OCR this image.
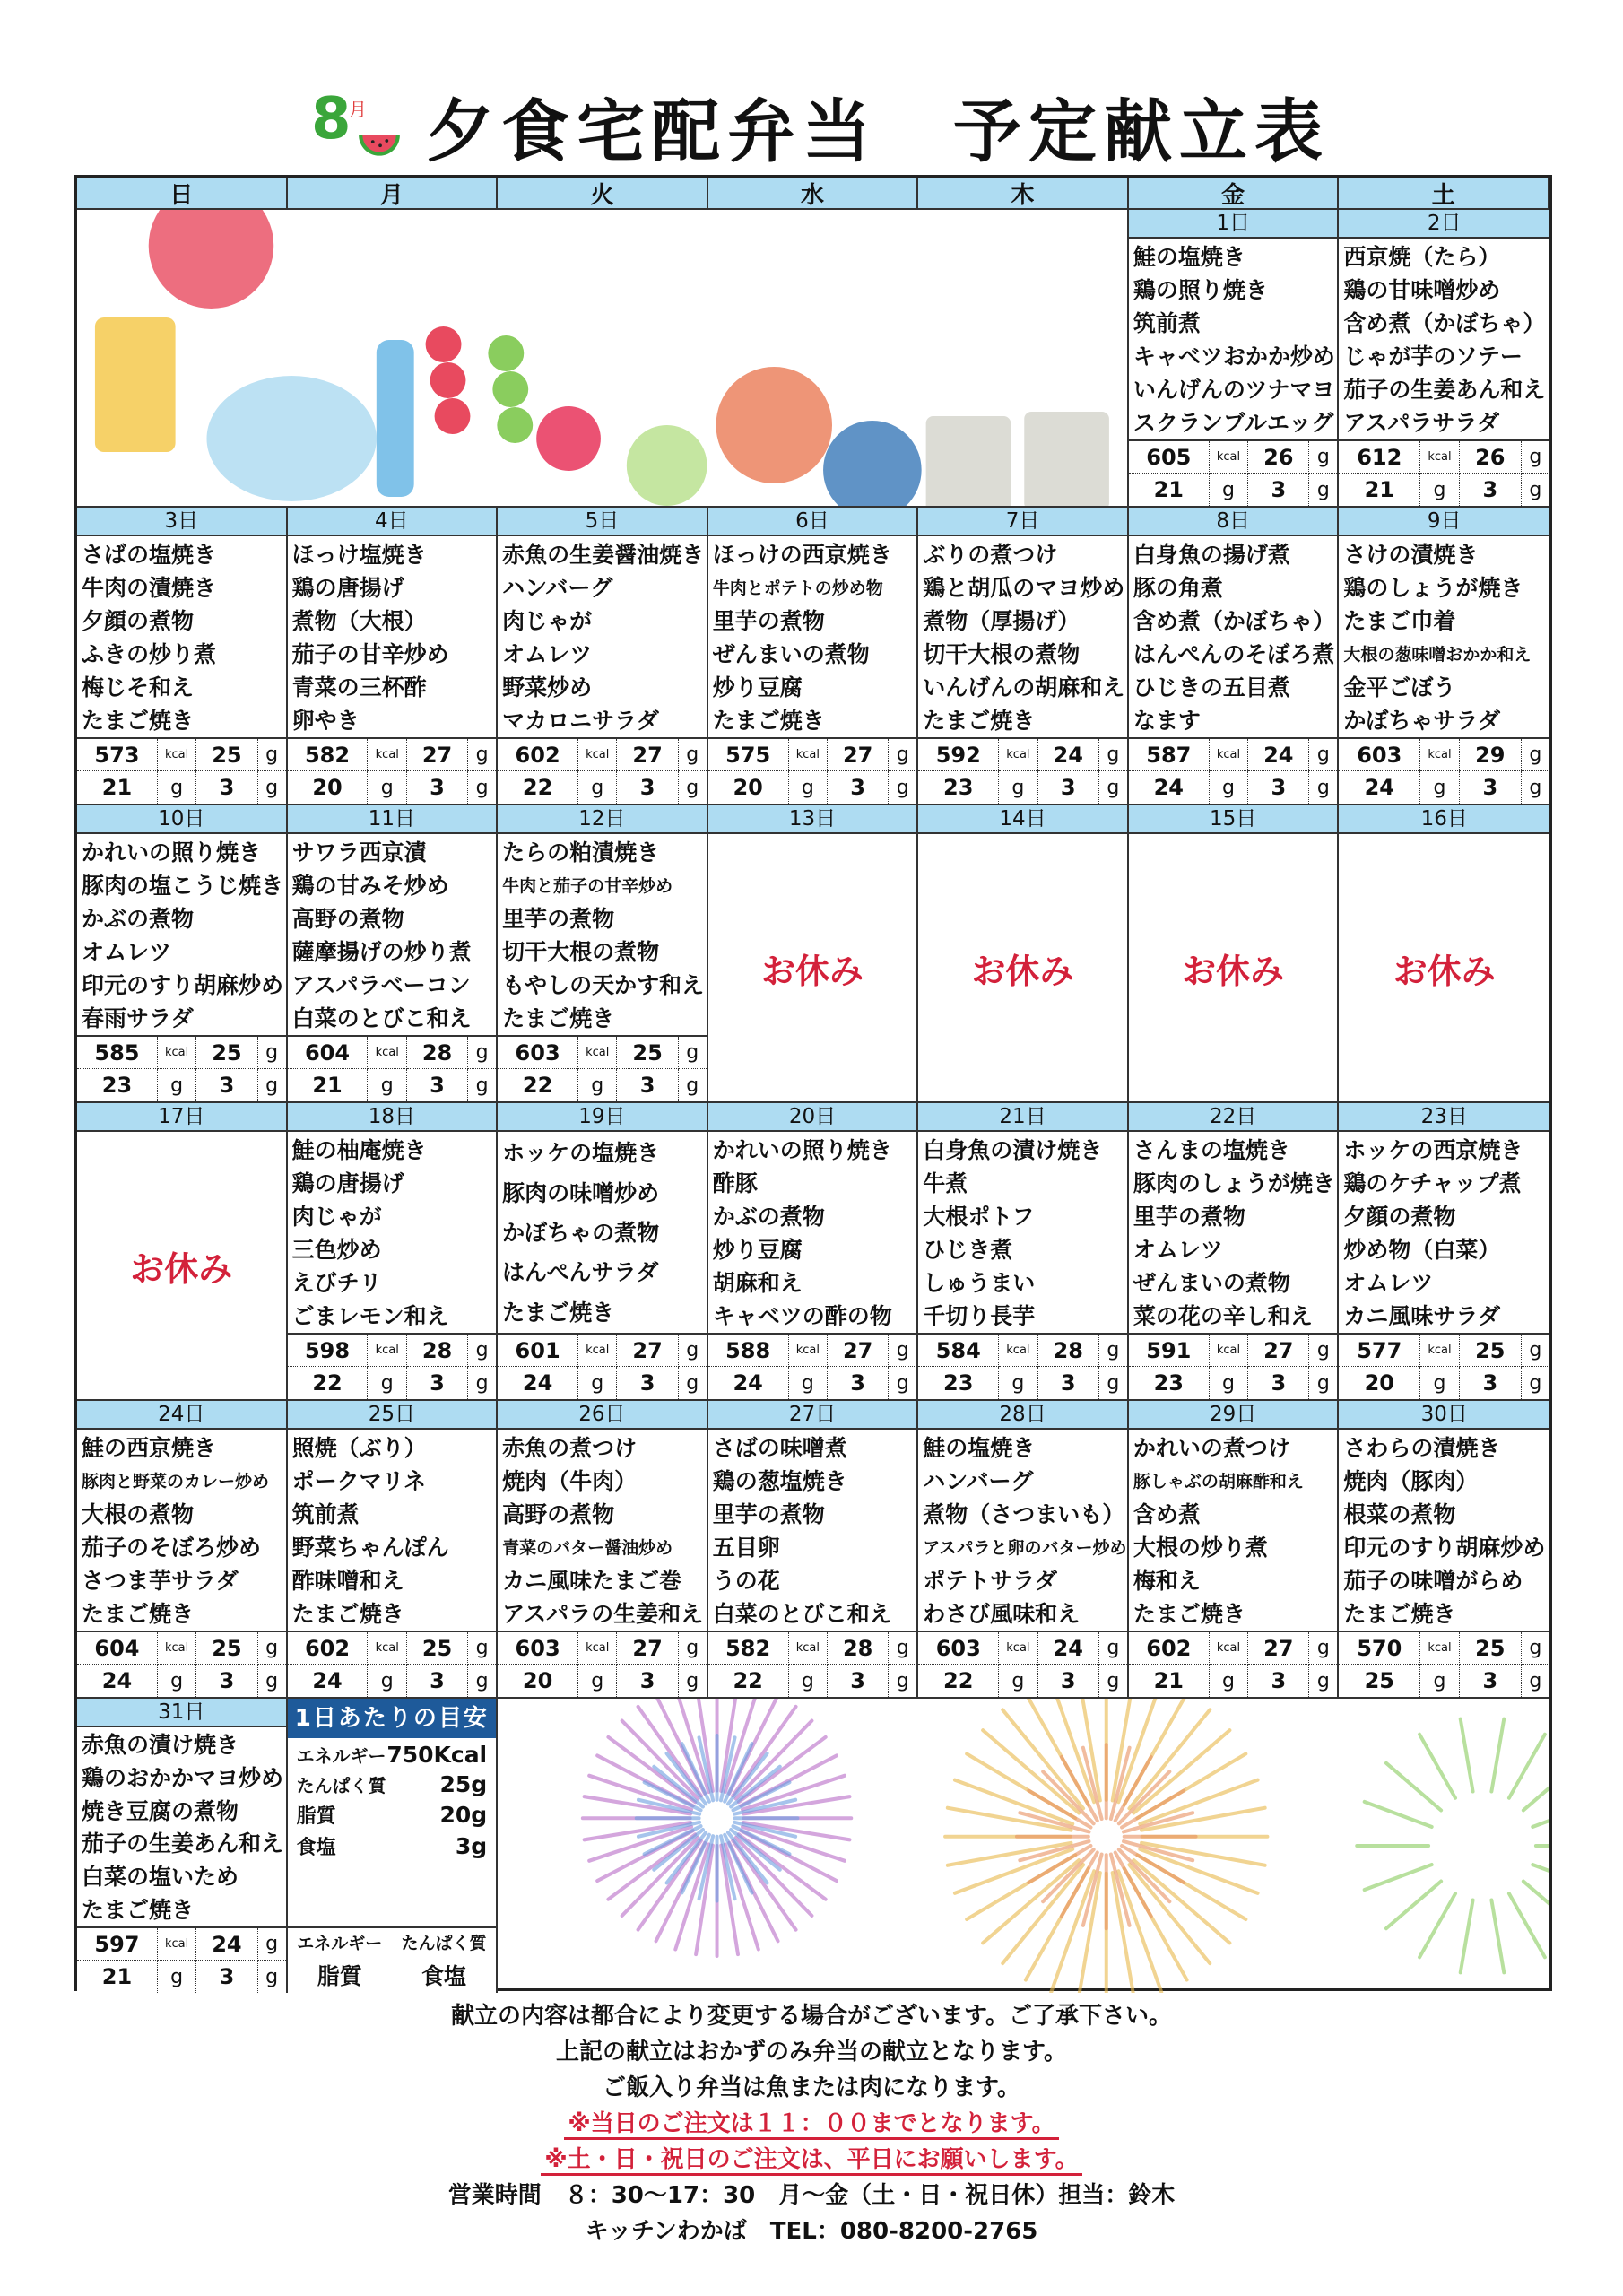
8
月 夕食宅配弁当　予定献立表
日	月	火	水	木	金	土
1日
鮭の塩焼き
鶏の照り焼き
筑前煮
キャベツおかか炒め
いんげんのツナマヨ
スクランブルエッグ
605	kcal	26	g
21	g	3	g
2日
西京焼（たら）
鶏の甘味噌炒め
含め煮（かぼちゃ）
じゃが芋のソテー
茄子の生姜あん和え
アスパラサラダ
612	kcal	26	g
21	g	3	g
3日
さばの塩焼き
牛肉の漬焼き
夕顔の煮物
ふきの炒り煮
梅じそ和え
たまご焼き
573	kcal	25	g
21	g	3	g
4日
ほっけ塩焼き
鶏の唐揚げ
煮物（大根）
茄子の甘辛炒め
青菜の三杯酢
卵やき
582	kcal	27	g
20	g	3	g
5日
赤魚の生姜醤油焼き
ハンバーグ
肉じゃが
オムレツ
野菜炒め
マカロニサラダ
602	kcal	27	g
22	g	3	g
6日
ほっけの西京焼き
牛肉とポテトの炒め物
里芋の煮物
ぜんまいの煮物
炒り豆腐
たまご焼き
575	kcal	27	g
20	g	3	g
7日
ぶりの煮つけ
鶏と胡瓜のマヨ炒め
煮物（厚揚げ）
切干大根の煮物
いんげんの胡麻和え
たまご焼き
592	kcal	24	g
23	g	3	g
8日
白身魚の揚げ煮
豚の角煮
含め煮（かぼちゃ）
はんぺんのそぼろ煮
ひじきの五目煮
なます
587	kcal	24	g
24	g	3	g
9日
さけの漬焼き
鶏のしょうが焼き
たまご巾着
大根の葱味噌おかか和え
金平ごぼう
かぼちゃサラダ
603	kcal	29	g
24	g	3	g
10日
かれいの照り焼き
豚肉の塩こうじ焼き
かぶの煮物
オムレツ
印元のすり胡麻炒め
春雨サラダ
585	kcal	25	g
23	g	3	g
11日
サワラ西京漬
鶏の甘みそ炒め
高野の煮物
薩摩揚げの炒り煮
アスパラベーコン
白菜のとびこ和え
604	kcal	28	g
21	g	3	g
12日
たらの粕漬焼き
牛肉と茄子の甘辛炒め
里芋の煮物
切干大根の煮物
もやしの天かす和え
たまご焼き
603	kcal	25	g
22	g	3	g
13日
お休み
14日
お休み
15日
お休み
16日
お休み
17日
お休み
18日
鮭の柚庵焼き
鶏の唐揚げ
肉じゃが
三色炒め
えびチリ
ごまレモン和え
598	kcal	28	g
22	g	3	g
19日
ホッケの塩焼き
豚肉の味噌炒め
かぼちゃの煮物
はんぺんサラダ
たまご焼き
601	kcal	27	g
24	g	3	g
20日
かれいの照り焼き
酢豚
かぶの煮物
炒り豆腐
胡麻和え
キャベツの酢の物
588	kcal	27	g
24	g	3	g
21日
白身魚の漬け焼き
牛煮
大根ポトフ
ひじき煮
しゅうまい
千切り長芋
584	kcal	28	g
23	g	3	g
22日
さんまの塩焼き
豚肉のしょうが焼き
里芋の煮物
オムレツ
ぜんまいの煮物
菜の花の辛し和え
591	kcal	27	g
23	g	3	g
23日
ホッケの西京焼き
鶏のケチャップ煮
夕顔の煮物
炒め物（白菜）
オムレツ
カニ風味サラダ
577	kcal	25	g
20	g	3	g
24日
鮭の西京焼き
豚肉と野菜のカレー炒め
大根の煮物
茄子のそぼろ炒め
さつま芋サラダ
たまご焼き
604	kcal	25	g
24	g	3	g
25日
照焼（ぶり）
ポークマリネ
筑前煮
野菜ちゃんぽん
酢味噌和え
たまご焼き
602	kcal	25	g
24	g	3	g
26日
赤魚の煮つけ
焼肉（牛肉）
高野の煮物
青菜のバター醤油炒め
カニ風味たまご巻
アスパラの生姜和え
603	kcal	27	g
20	g	3	g
27日
さばの味噌煮
鶏の葱塩焼き
里芋の煮物
五目卵
うの花
白菜のとびこ和え
582	kcal	28	g
22	g	3	g
28日
鮭の塩焼き
ハンバーグ
煮物（さつまいも）
アスパラと卵のバター炒め
ポテトサラダ
わさび風味和え
603	kcal	24	g
22	g	3	g
29日
かれいの煮つけ
豚しゃぶの胡麻酢和え
含め煮
大根の炒り煮
梅和え
たまご焼き
602	kcal	27	g
21	g	3	g
30日
さわらの漬焼き
焼肉（豚肉）
根菜の煮物
印元のすり胡麻炒め
茄子の味噌がらめ
たまご焼き
570	kcal	25	g
25	g	3	g
31日
赤魚の漬け焼き
鶏のおかかマヨ炒め
焼き豆腐の煮物
茄子の生姜あん和え
白菜の塩いため
たまご焼き
597	kcal	24	g
21	g	3	g
1日あたりの目安
エネルギー 750Kcal
たんぱく質 25g
脂質	20g
食塩	3g
エネルギー	たんぱく質
脂質	食塩
献立の内容は都合により変更する場合がございます。ご了承下さい。
上記の献立はおかずのみ弁当の献立となります。
ご飯入り弁当は魚または肉になります。
※当日のご注文は１１：００までとなります。
※土・日・祝日のご注文は、平日にお願いします。
営業時間　８：30～17：30　月～金（土・日・祝日休）担当：鈴木
キッチンわかば　TEL：080-8200-2765
